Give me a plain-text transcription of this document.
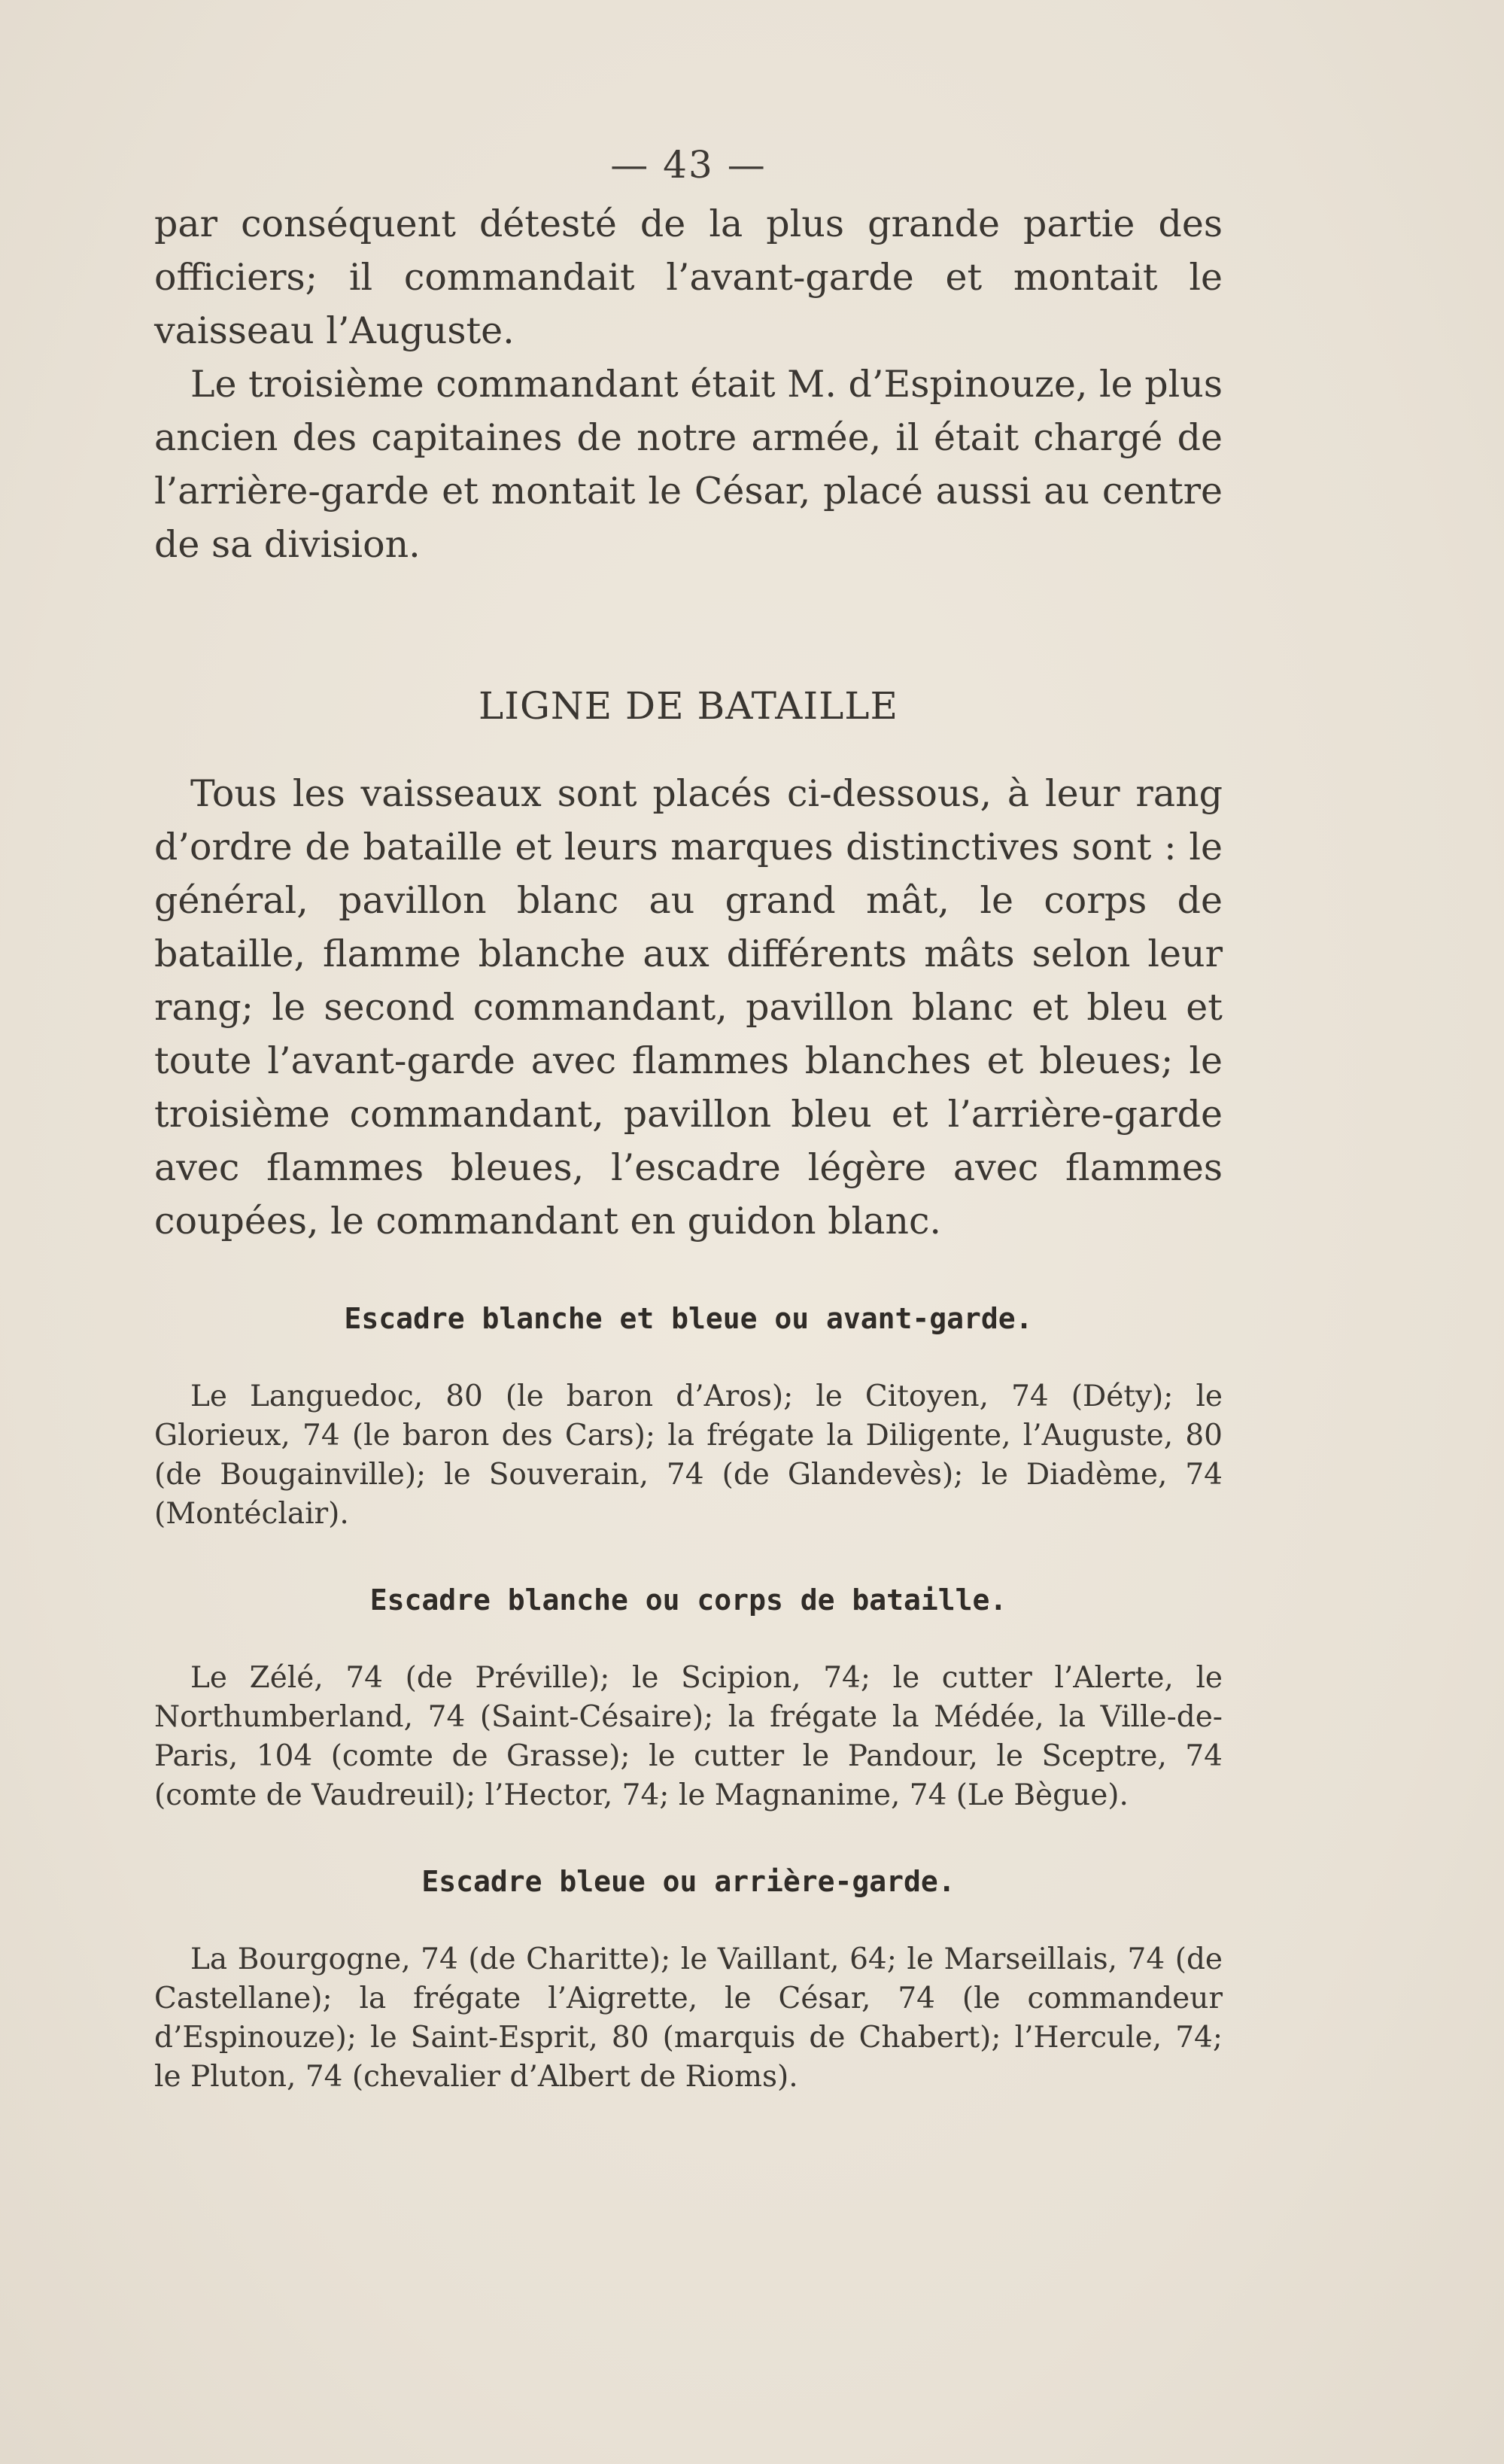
— 43 —

par conséquent détesté de la plus grande partie des officiers; il commandait l’avant-garde et montait le vaisseau l’Auguste.

Le troisième commandant était M. d’Espinouze, le plus ancien des capitaines de notre armée, il était chargé de l’arrière-garde et montait le César, placé aussi au centre de sa division.

LIGNE DE BATAILLE

Tous les vaisseaux sont placés ci-dessous, à leur rang d’ordre de bataille et leurs marques distinctives sont : le général, pavillon blanc au grand mât, le corps de bataille, flamme blanche aux différents mâts selon leur rang; le second commandant, pavillon blanc et bleu et toute l’avant-garde avec flammes blanches et bleues; le troisième commandant, pavillon bleu et l’arrière-garde avec flammes bleues, l’escadre légère avec flammes coupées, le commandant en guidon blanc.

Escadre blanche et bleue ou avant-garde.

Le Languedoc, 80 (le baron d’Aros); le Citoyen, 74 (Déty); le Glorieux, 74 (le baron des Cars); la frégate la Diligente, l’Auguste, 80 (de Bougainville); le Souverain, 74 (de Glandevès); le Diadème, 74 (Montéclair).

Escadre blanche ou corps de bataille.

Le Zélé, 74 (de Préville); le Scipion, 74; le cutter l’Alerte, le Northumberland, 74 (Saint-Césaire); la frégate la Médée, la Ville-de-Paris, 104 (comte de Grasse); le cutter le Pandour, le Sceptre, 74 (comte de Vaudreuil); l’Hector, 74; le Magnanime, 74 (Le Bègue).

Escadre bleue ou arrière-garde.

La Bourgogne, 74 (de Charitte); le Vaillant, 64; le Marseillais, 74 (de Castellane); la frégate l’Aigrette, le César, 74 (le commandeur d’Espinouze); le Saint-Esprit, 80 (marquis de Chabert); l’Hercule, 74; le Pluton, 74 (chevalier d’Albert de Rioms).
